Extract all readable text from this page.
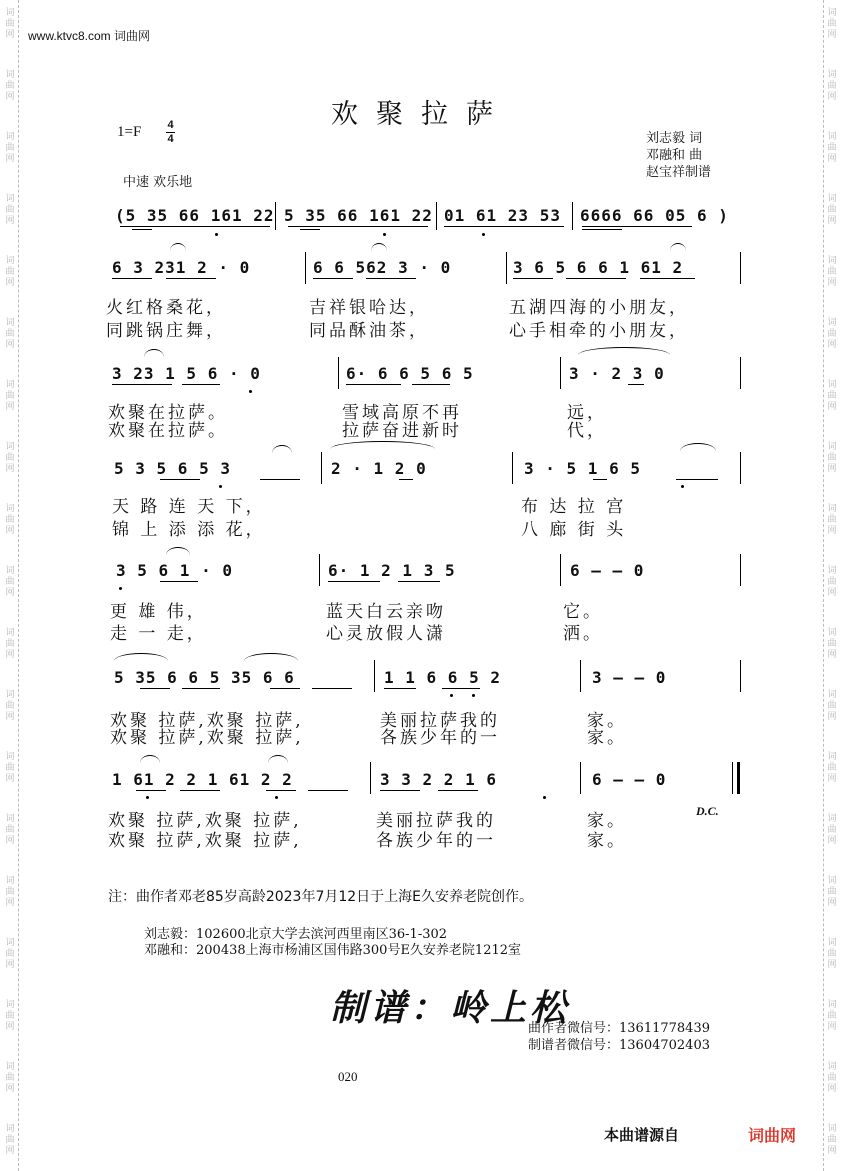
词
曲
网
词
曲
网
词
曲
网
词
曲
网
词
曲
网
词
曲
网
词
曲
网
词
曲
网
词
曲
网
词
曲
网
词
曲
网
词
曲
网
词
曲
网
词
曲
网
词
曲
网
词
曲
网
词
曲
网
词
曲
网
词
曲
网
词
曲
网
词
曲
网
词
曲
网
词
曲
网
词
曲
网
词
曲
网
词
曲
网
词
曲
网
词
曲
网
词
曲
网
词
曲
网
词
曲
网
词
曲
网
词
曲
网
词
曲
网
词
曲
网
词
曲
网
词
曲
网
词
曲
网
www.ktvc8.com 词曲网
欢聚拉萨
1=F 4
4	刘志毅 词
邓融和 曲
赵宝祥制谱
中速 欢乐地
(5 35 66 161 22 5 35 66 161 22 01 61 23 53 6666 66 05 6 )
6 3 231 2 · 0	6 6 562 3 · 0	3 6 5 6 6 1 61 2
火红格桑花，	吉祥银哈达，	五湖四海的小朋友，
同跳锅庄舞，	同品酥油茶，	心手相牵的小朋友，
3 23 1 5 6 · 0	6· 6 6 5 6 5	3 · 2 3 0
欢聚在拉萨。	雪域高原不再	远，
欢聚在拉萨。	拉萨奋进新时	代，
5 3 5 6 5 3	2 · 1 2 0	3 · 5 1 6 5
天 路 连 天 下，	布 达 拉 宫
锦 上 添 添 花，	八 廊 街 头
3 5 6 1 · 0	6· 1 2 1 3 5	6 – – 0
更 雄 伟，	蓝天白云亲吻	它。
走 一 走，	心灵放假人潇	洒。
5 35 6 6 5 35 6 6	1 1 6 6 5 2	3 – – 0
欢聚 拉萨,欢聚 拉萨,	美丽拉萨我的	家。
欢聚 拉萨,欢聚 拉萨,	各族少年的一	家。
1 61 2 2 1 61 2 2	3 3 2 2 1 6	6 – – 0
D.C.
欢聚 拉萨,欢聚 拉萨,	美丽拉萨我的	家。
欢聚 拉萨,欢聚 拉萨,	各族少年的一	家。
注：曲作者邓老85岁高龄2023年7月12日于上海E久安养老院创作。
刘志毅：102600北京大学去滨河西里南区36-1-302
邓融和：200438上海市杨浦区国伟路300号E久安养老院1212室
制谱：岭上松
曲作者微信号：13611778439
制谱者微信号：13604702403
020
本曲谱源自	词曲网
